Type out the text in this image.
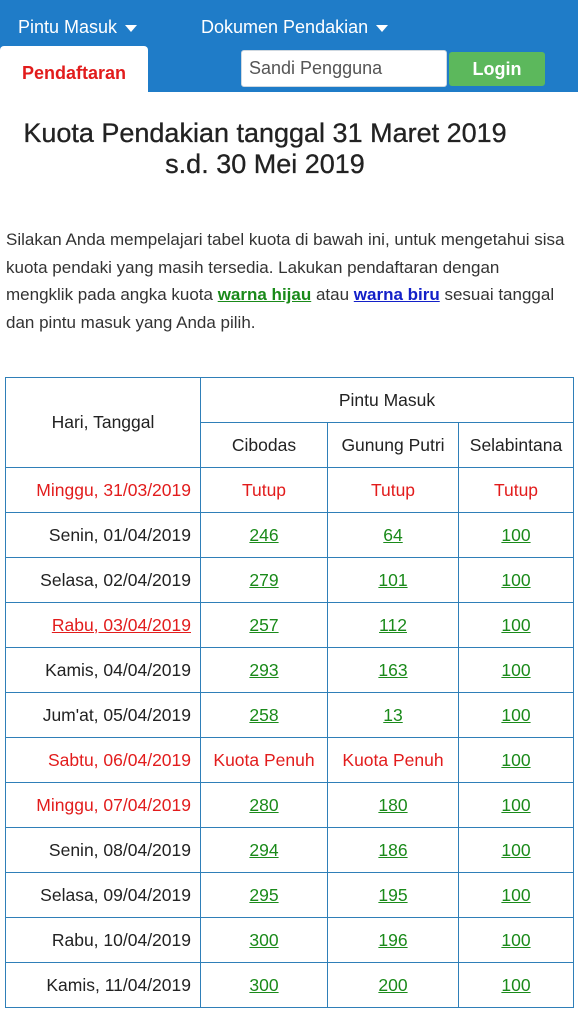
Pintu Masuk	Dokumen Pendakian
Pendaftaran	Login
Kuota Pendakian tanggal 31 Maret 2019
s.d. 30 Mei 2019

Silakan Anda mempelajari tabel kuota di bawah ini, untuk mengetahui sisa kuota pendaki yang masih tersedia. Lakukan pendaftaran dengan mengklik pada angka kuota warna hijau atau warna biru sesuai tanggal dan pintu masuk yang Anda pilih.

Hari, Tanggal	Pintu Masuk		
	Cibodas	Gunung Putri	Selabintana
Minggu, 31/03/2019	Tutup	Tutup	Tutup
Senin, 01/04/2019	246	64	100
Selasa, 02/04/2019	279	101	100
Rabu, 03/04/2019	257	112	100
Kamis, 04/04/2019	293	163	100
Jum'at, 05/04/2019	258	13	100
Sabtu, 06/04/2019	Kuota Penuh	Kuota Penuh	100
Minggu, 07/04/2019	280	180	100
Senin, 08/04/2019	294	186	100
Selasa, 09/04/2019	295	195	100
Rabu, 10/04/2019	300	196	100
Kamis, 11/04/2019	300	200	100
